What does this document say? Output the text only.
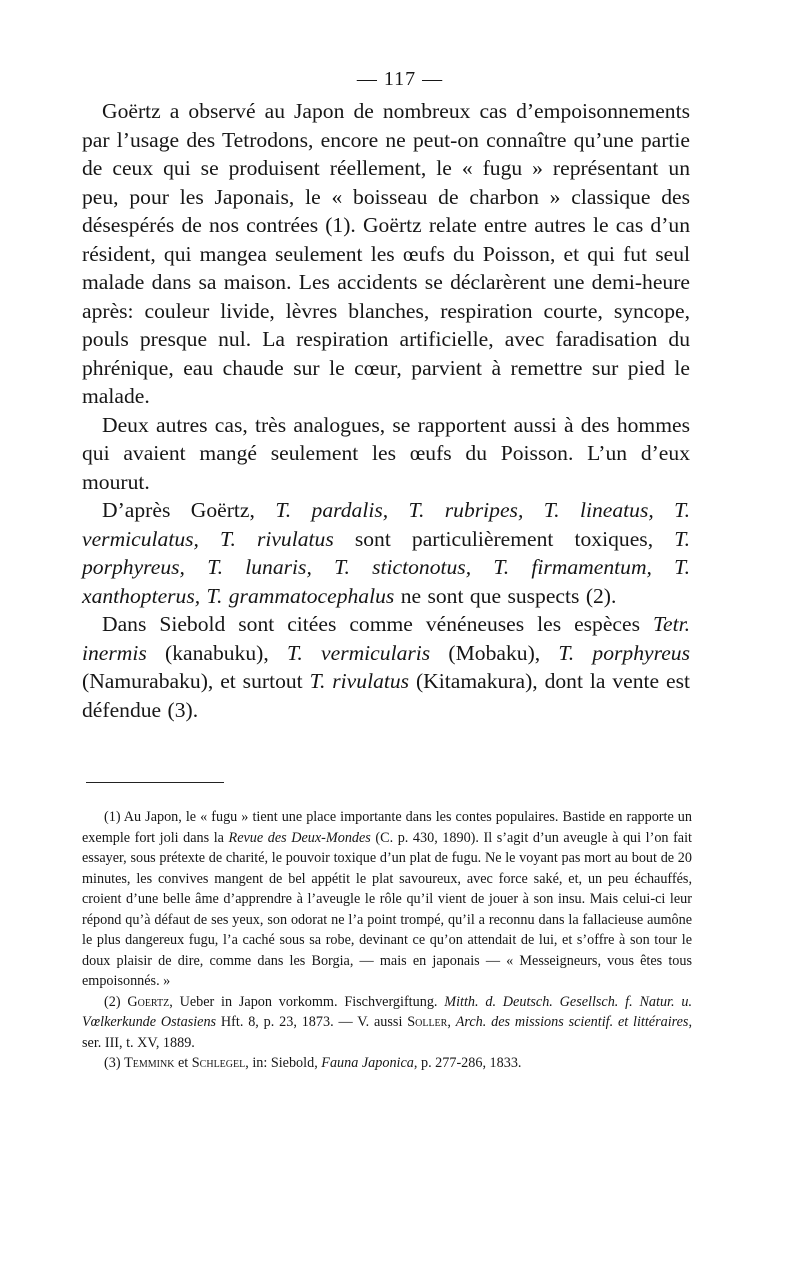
— 117 —

Goërtz a observé au Japon de nombreux cas d’empoisonnements par l’usage des Tetrodons, encore ne peut-on connaître qu’une partie de ceux qui se produisent réellement, le « fugu » représentant un peu, pour les Japonais, le « boisseau de charbon » classique des désespérés de nos contrées (1). Goërtz relate entre autres le cas d’un résident, qui mangea seulement les œufs du Poisson, et qui fut seul malade dans sa maison. Les accidents se déclarèrent une demi-heure après: couleur livide, lèvres blanches, respiration courte, syncope, pouls presque nul. La respiration artificielle, avec faradisation du phrénique, eau chaude sur le cœur, parvient à remettre sur pied le malade.

Deux autres cas, très analogues, se rapportent aussi à des hommes qui avaient mangé seulement les œufs du Poisson. L’un d’eux mourut.

D’après Goërtz, T. pardalis, T. rubripes, T. lineatus, T. vermiculatus, T. rivulatus sont particulièrement toxiques, T. porphyreus, T. lunaris, T. stictonotus, T. firmamentum, T. xanthopterus, T. grammatocephalus ne sont que suspects (2).

Dans Siebold sont citées comme vénéneuses les espèces Tetr. inermis (kanabuku), T. vermicularis (Mobaku), T. porphyreus (Namurabaku), et surtout T. rivulatus (Kitamakura), dont la vente est défendue (3).

(1) Au Japon, le « fugu » tient une place importante dans les contes populaires. Bastide en rapporte un exemple fort joli dans la Revue des Deux-Mondes (C. p. 430, 1890). Il s’agit d’un aveugle à qui l’on fait essayer, sous prétexte de charité, le pouvoir toxique d’un plat de fugu. Ne le voyant pas mort au bout de 20 minutes, les convives mangent de bel appétit le plat savoureux, avec force saké, et, un peu échauffés, croient d’une belle âme d’apprendre à l’aveugle le rôle qu’il vient de jouer à son insu. Mais celui-ci leur répond qu’à défaut de ses yeux, son odorat ne l’a point trompé, qu’il a reconnu dans la fallacieuse aumône le plus dangereux fugu, l’a caché sous sa robe, devinant ce qu’on attendait de lui, et s’offre à son tour le doux plaisir de dire, comme dans les Borgia, — mais en japonais — « Messeigneurs, vous êtes tous empoisonnés. »

(2) Goertz, Ueber in Japon vorkomm. Fischvergiftung. Mitth. d. Deutsch. Gesellsch. f. Natur. u. Vœlkerkunde Ostasiens Hft. 8, p. 23, 1873. — V. aussi Soller, Arch. des missions scientif. et littéraires, ser. III, t. XV, 1889.

(3) Temmink et Schlegel, in: Siebold, Fauna Japonica, p. 277-286, 1833.
